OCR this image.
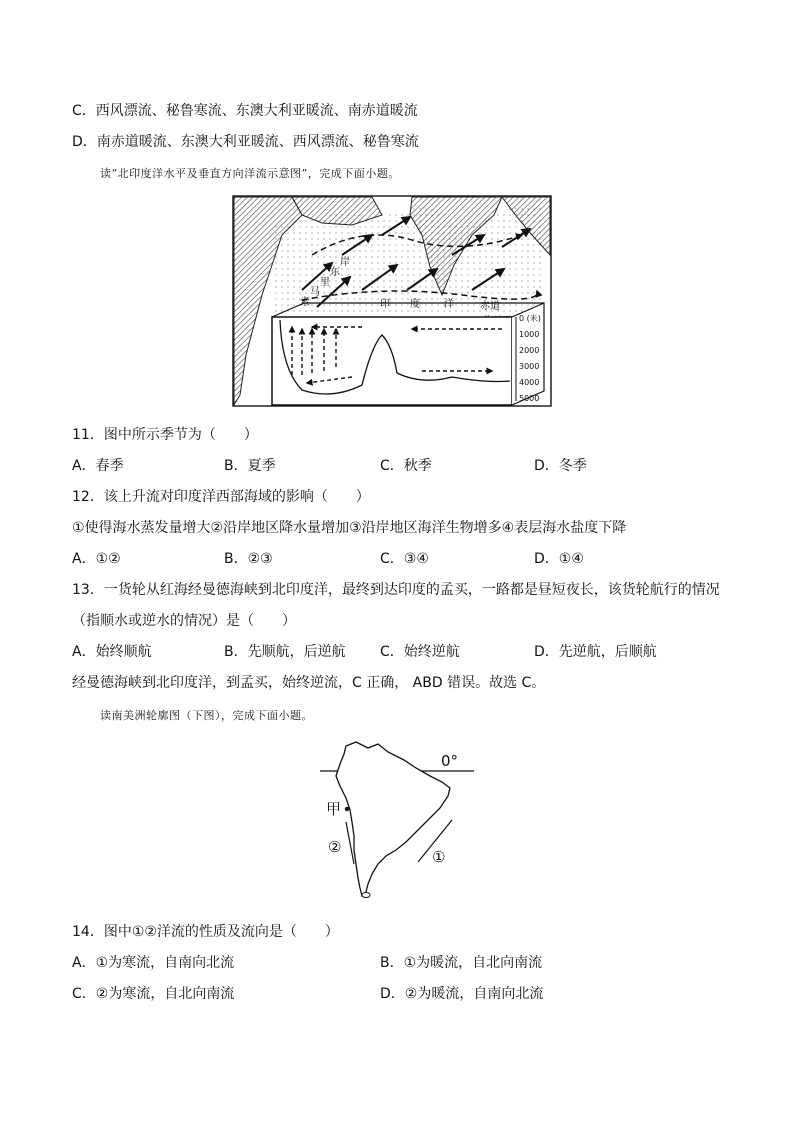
C．西风漂流、秘鲁寒流、东澳大利亚暖流、南赤道暖流
D．南赤道暖流、东澳大利亚暖流、西风漂流、秘鲁寒流
读“北印度洋水平及垂直方向洋流示意图”，完成下面小题。
索
马
里
东
岸
印 度 洋	赤道
0 (米)
1000
2000
3000
4000
5000
11．图中所示季节为（　　）
A．春季	B．夏季	C．秋季	D．冬季
12．该上升流对印度洋西部海域的影响（　　）
①使得海水蒸发量增大②沿岸地区降水量增加③沿岸地区海洋生物增多④表层海水盐度下降
A．①②	B．②③	C．③④	D．①④
13．一货轮从红海经曼德海峡到北印度洋，最终到达印度的孟买，一路都是昼短夜长，该货轮航行的情况
（指顺水或逆水的情况）是（　　）
A．始终顺航	B．先顺航，后逆航 C．始终逆航	D．先逆航，后顺航
经曼德海峡到北印度洋，到孟买，始终逆流，C 正确， ABD 错误。故选 C。
读南美洲轮廓图（下图），完成下面小题。
0°
甲
②
①
14．图中①②洋流的性质及流向是（　　）
A．①为寒流，自南向北流	B．①为暖流，自北向南流
C．②为寒流，自北向南流	D．②为暖流，自南向北流
